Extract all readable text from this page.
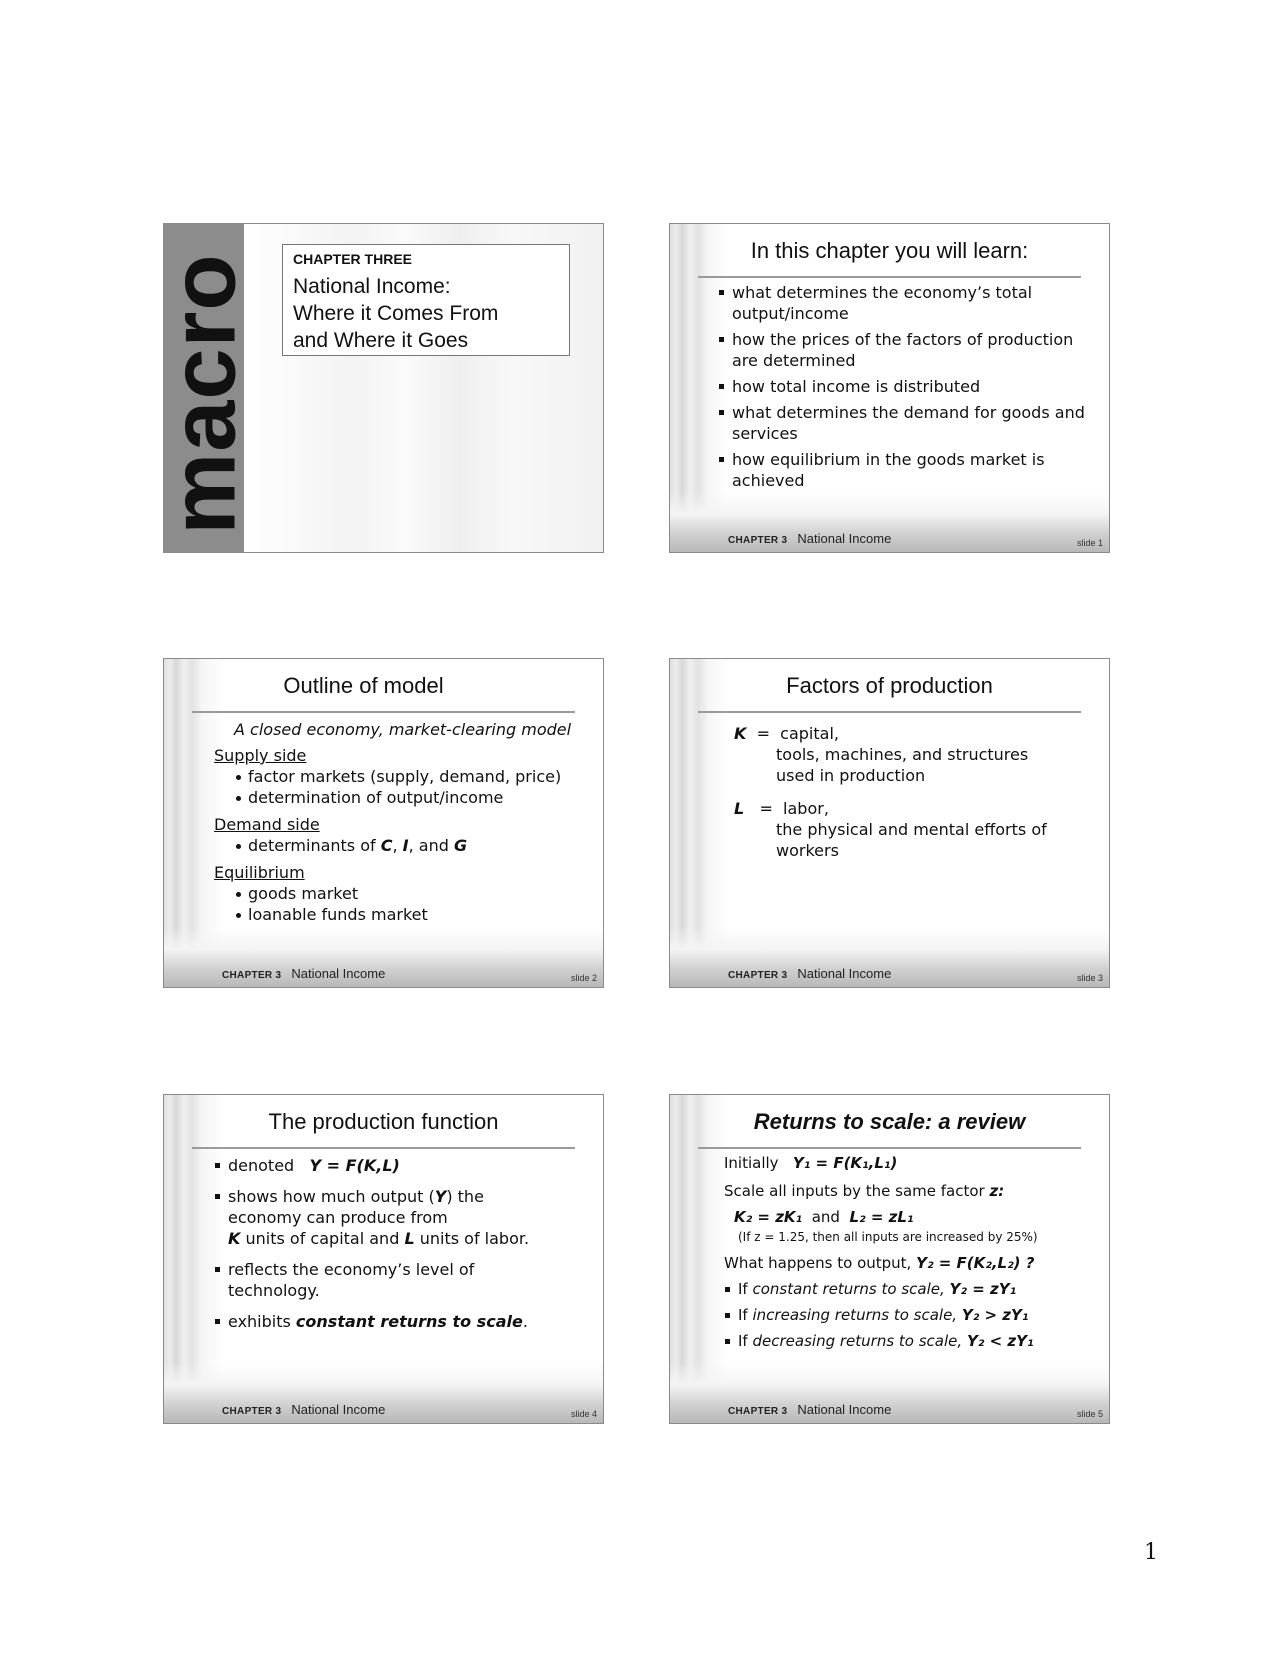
macro	CHAPTER THREE
National Income:
Where it Comes From
and Where it Goes
In this chapter you will learn:
what determines the economy’s total
output/income
how the prices of the factors of production
are determined
how total income is distributed
what determines the demand for goods and
services
how equilibrium in the goods market is
achieved
CHAPTER 3 National Income	slide 1
Outline of model
A closed economy, market-clearing model
Supply side
factor markets (supply, demand, price)
determination of output/income
Demand side
determinants of C, I, and G
Equilibrium
goods market
loanable funds market
CHAPTER 3 National Income	slide 2
Factors of production
K = capital,
tools, machines, and structures
used in production
L = labor,
the physical and mental efforts of
workers
CHAPTER 3 National Income	slide 3
The production function
denoted Y = F(K,L)
shows how much output (Y) the
economy can produce from
K units of capital and L units of labor.
reflects the economy’s level of
technology.
exhibits constant returns to scale.
CHAPTER 3 National Income	slide 4
Returns to scale: a review
Initially Y₁ = F(K₁,L₁)
Scale all inputs by the same factor z:
K₂ = zK₁ and L₂ = zL₁
(If z = 1.25, then all inputs are increased by 25%)
What happens to output, Y₂ = F(K₂,L₂) ?
If constant returns to scale, Y₂ = zY₁
If increasing returns to scale, Y₂ > zY₁
If decreasing returns to scale, Y₂ < zY₁
CHAPTER 3 National Income	slide 5
1
